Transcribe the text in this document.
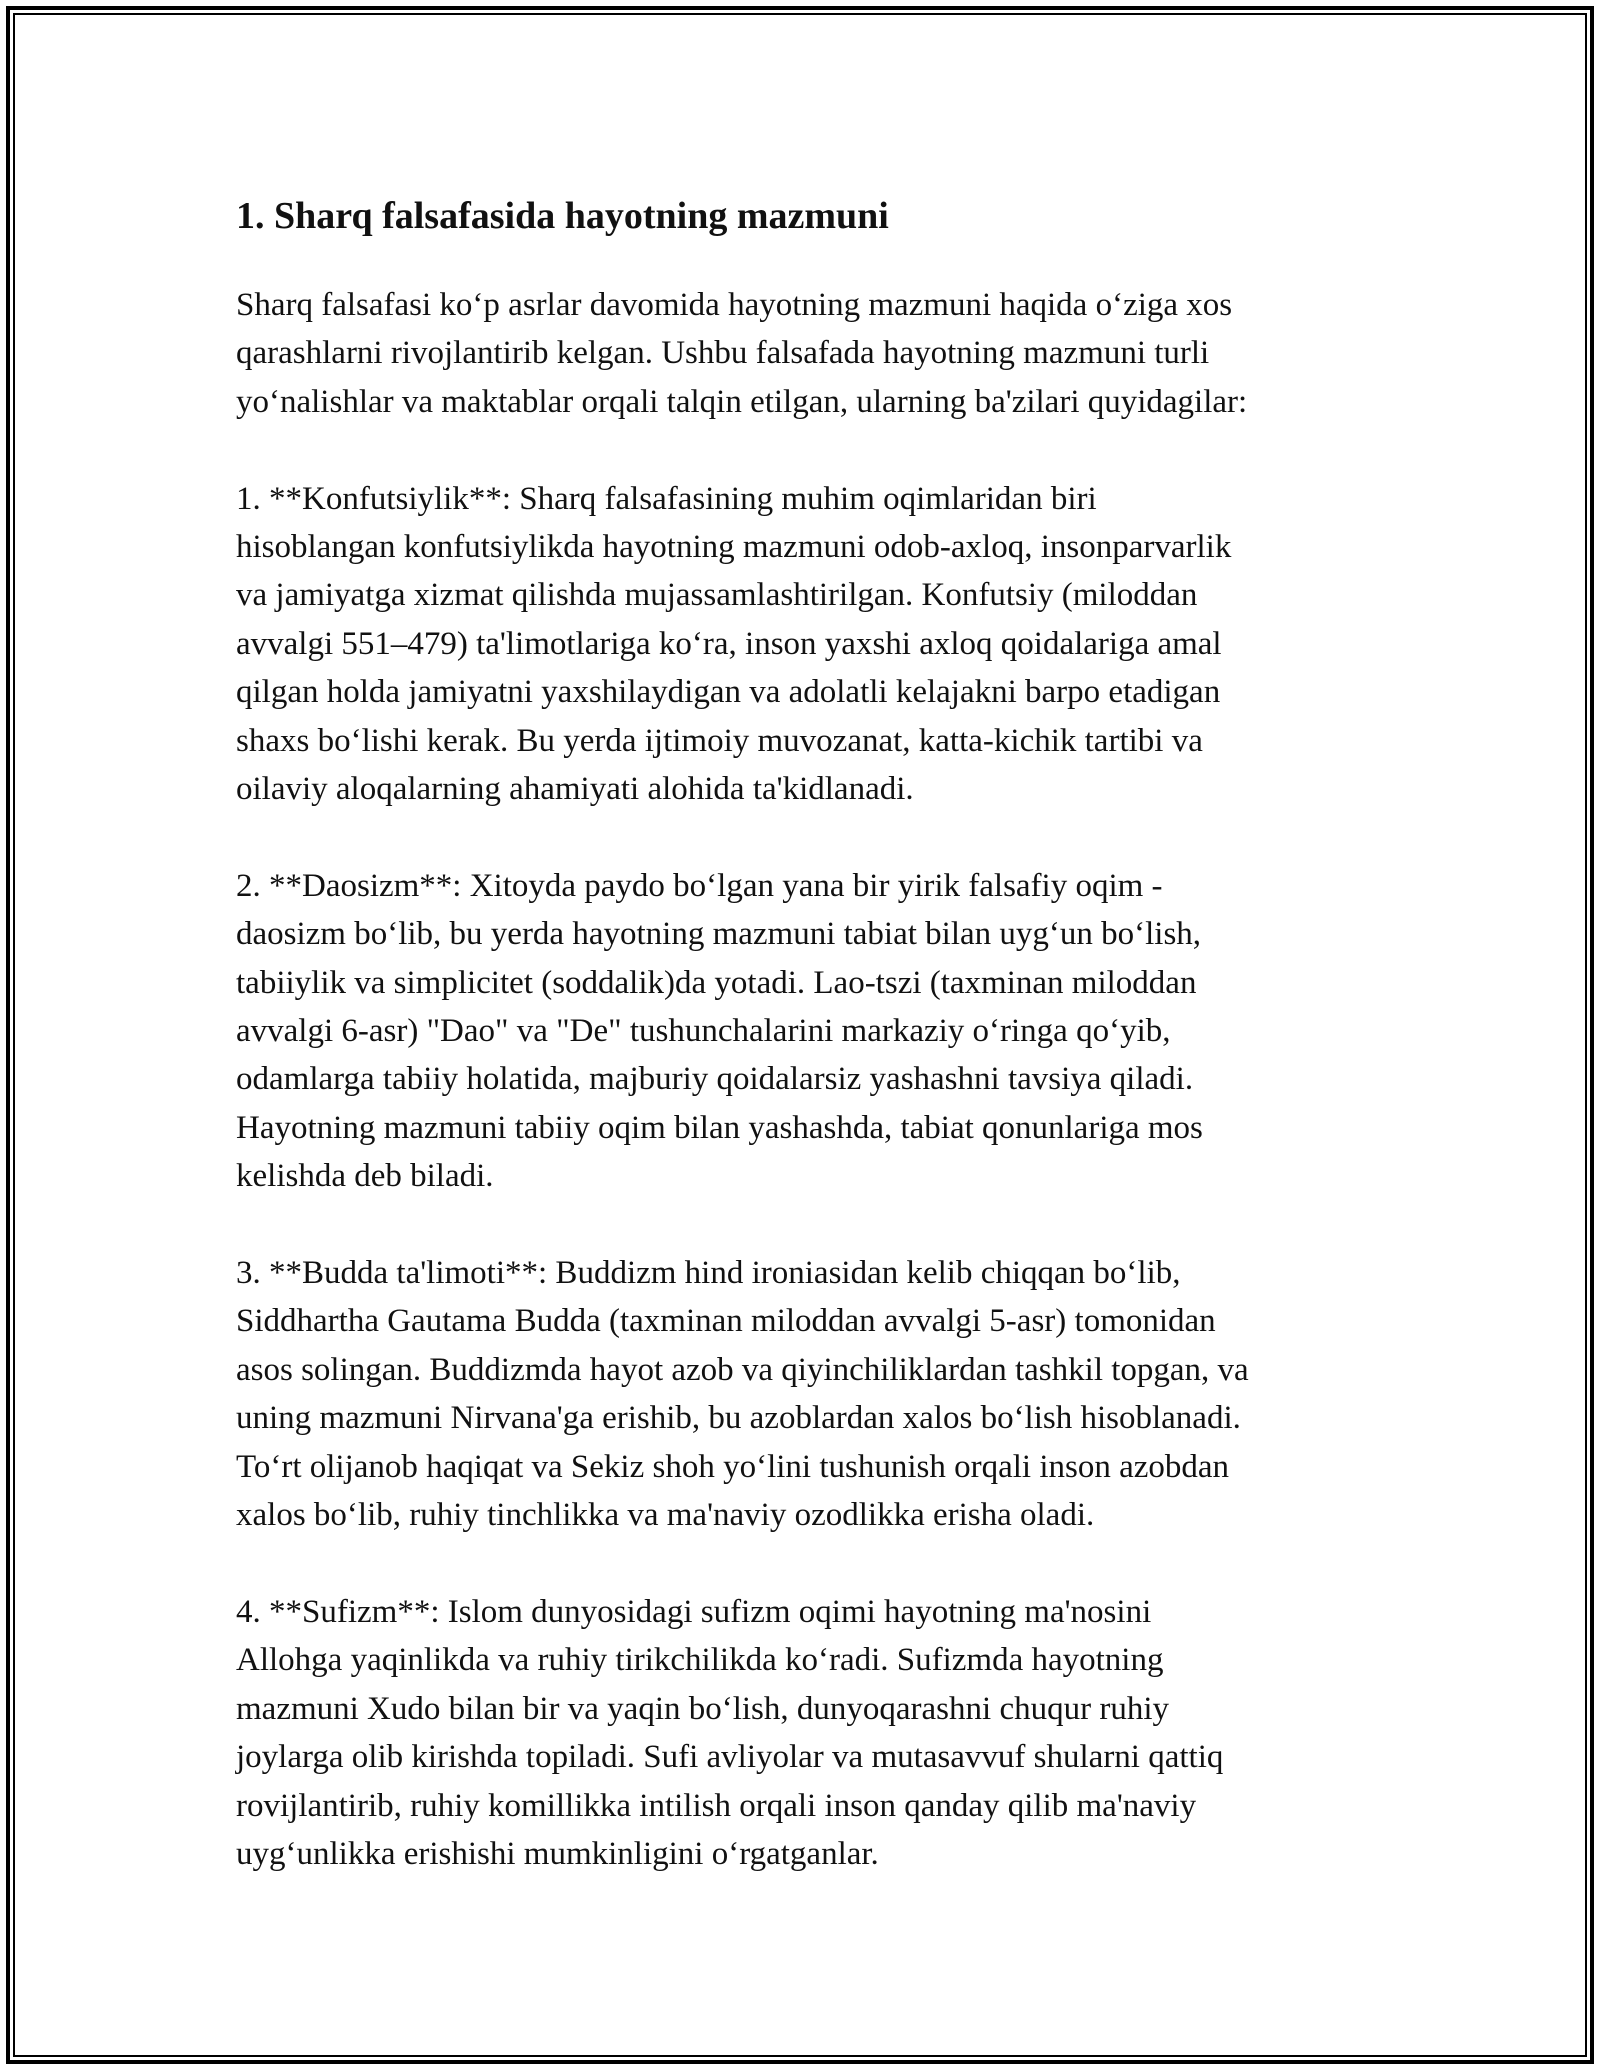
1. Sharq falsafasida hayotning mazmuni

Sharq falsafasi ko‘p asrlar davomida hayotning mazmuni haqida o‘ziga xos
qarashlarni rivojlantirib kelgan. Ushbu falsafada hayotning mazmuni turli
yo‘nalishlar va maktablar orqali talqin etilgan, ularning ba'zilari quyidagilar:

1. **Konfutsiylik**: Sharq falsafasining muhim oqimlaridan biri
hisoblangan konfutsiylikda hayotning mazmuni odob-axloq, insonparvarlik
va jamiyatga xizmat qilishda mujassamlashtirilgan. Konfutsiy (miloddan
avvalgi 551–479) ta'limotlariga ko‘ra, inson yaxshi axloq qoidalariga amal
qilgan holda jamiyatni yaxshilaydigan va adolatli kelajakni barpo etadigan
shaxs bo‘lishi kerak. Bu yerda ijtimoiy muvozanat, katta-kichik tartibi va
oilaviy aloqalarning ahamiyati alohida ta'kidlanadi.

2. **Daosizm**: Xitoyda paydo bo‘lgan yana bir yirik falsafiy oqim -
daosizm bo‘lib, bu yerda hayotning mazmuni tabiat bilan uyg‘un bo‘lish,
tabiiylik va simplicitet (soddalik)da yotadi. Lao-tszi (taxminan miloddan
avvalgi 6-asr) "Dao" va "De" tushunchalarini markaziy o‘ringa qo‘yib,
odamlarga tabiiy holatida, majburiy qoidalarsiz yashashni tavsiya qiladi.
Hayotning mazmuni tabiiy oqim bilan yashashda, tabiat qonunlariga mos
kelishda deb biladi.

3. **Budda ta'limoti**: Buddizm hind ironiasidan kelib chiqqan bo‘lib,
Siddhartha Gautama Budda (taxminan miloddan avvalgi 5-asr) tomonidan
asos solingan. Buddizmda hayot azob va qiyinchiliklardan tashkil topgan, va
uning mazmuni Nirvana'ga erishib, bu azoblardan xalos bo‘lish hisoblanadi.
To‘rt olijanob haqiqat va Sekiz shoh yo‘lini tushunish orqali inson azobdan
xalos bo‘lib, ruhiy tinchlikka va ma'naviy ozodlikka erisha oladi.

4. **Sufizm**: Islom dunyosidagi sufizm oqimi hayotning ma'nosini
Allohga yaqinlikda va ruhiy tirikchilikda ko‘radi. Sufizmda hayotning
mazmuni Xudo bilan bir va yaqin bo‘lish, dunyoqarashni chuqur ruhiy
joylarga olib kirishda topiladi. Sufi avliyolar va mutasavvuf shularni qattiq
rovijlantirib, ruhiy komillikka intilish orqali inson qanday qilib ma'naviy
uyg‘unlikka erishishi mumkinligini o‘rgatganlar.
